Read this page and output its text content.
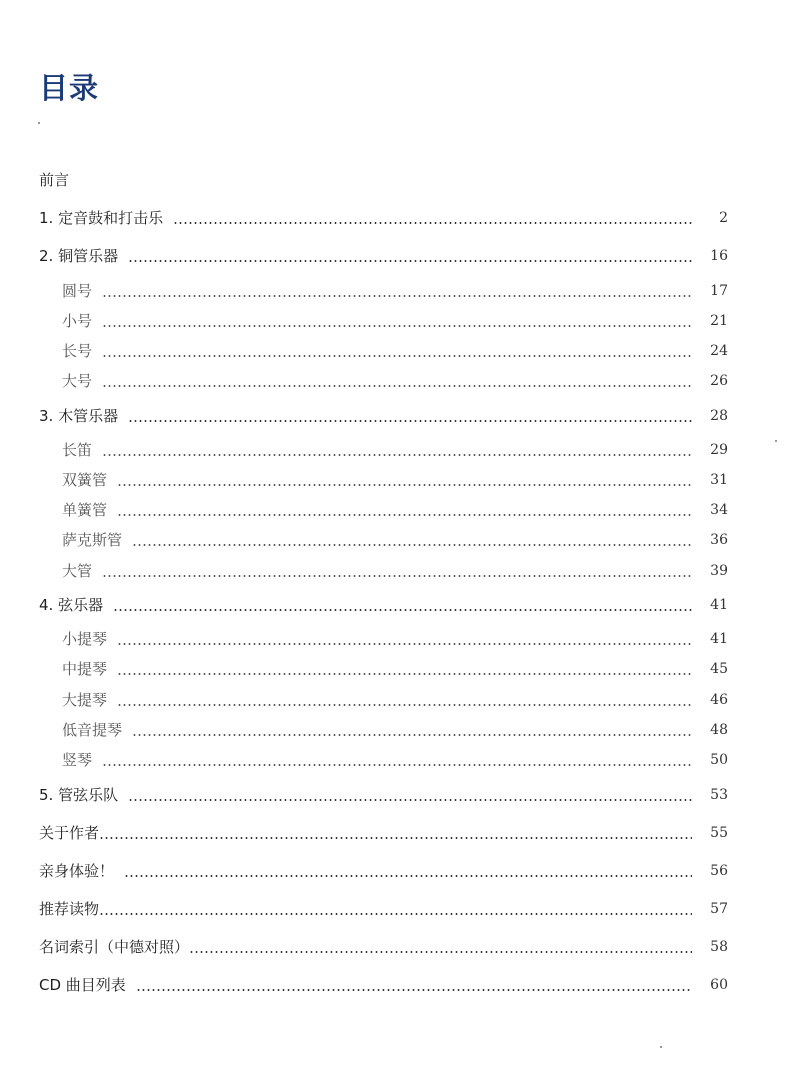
目录
前言
1. 定音鼓和打击乐	2
2. 铜管乐器	16
圆号	17
小号	21
长号	24
大号	26
3. 木管乐器	28
长笛	29
双簧管	31
单簧管	34
萨克斯管	36
大管	39
4. 弦乐器	41
小提琴	41
中提琴	45
大提琴	46
低音提琴	48
竖琴	50
5. 管弦乐队	53
关于作者	55
亲身体验！	56
推荐读物	57
名词索引（中德对照）	58
CD 曲目列表	60
